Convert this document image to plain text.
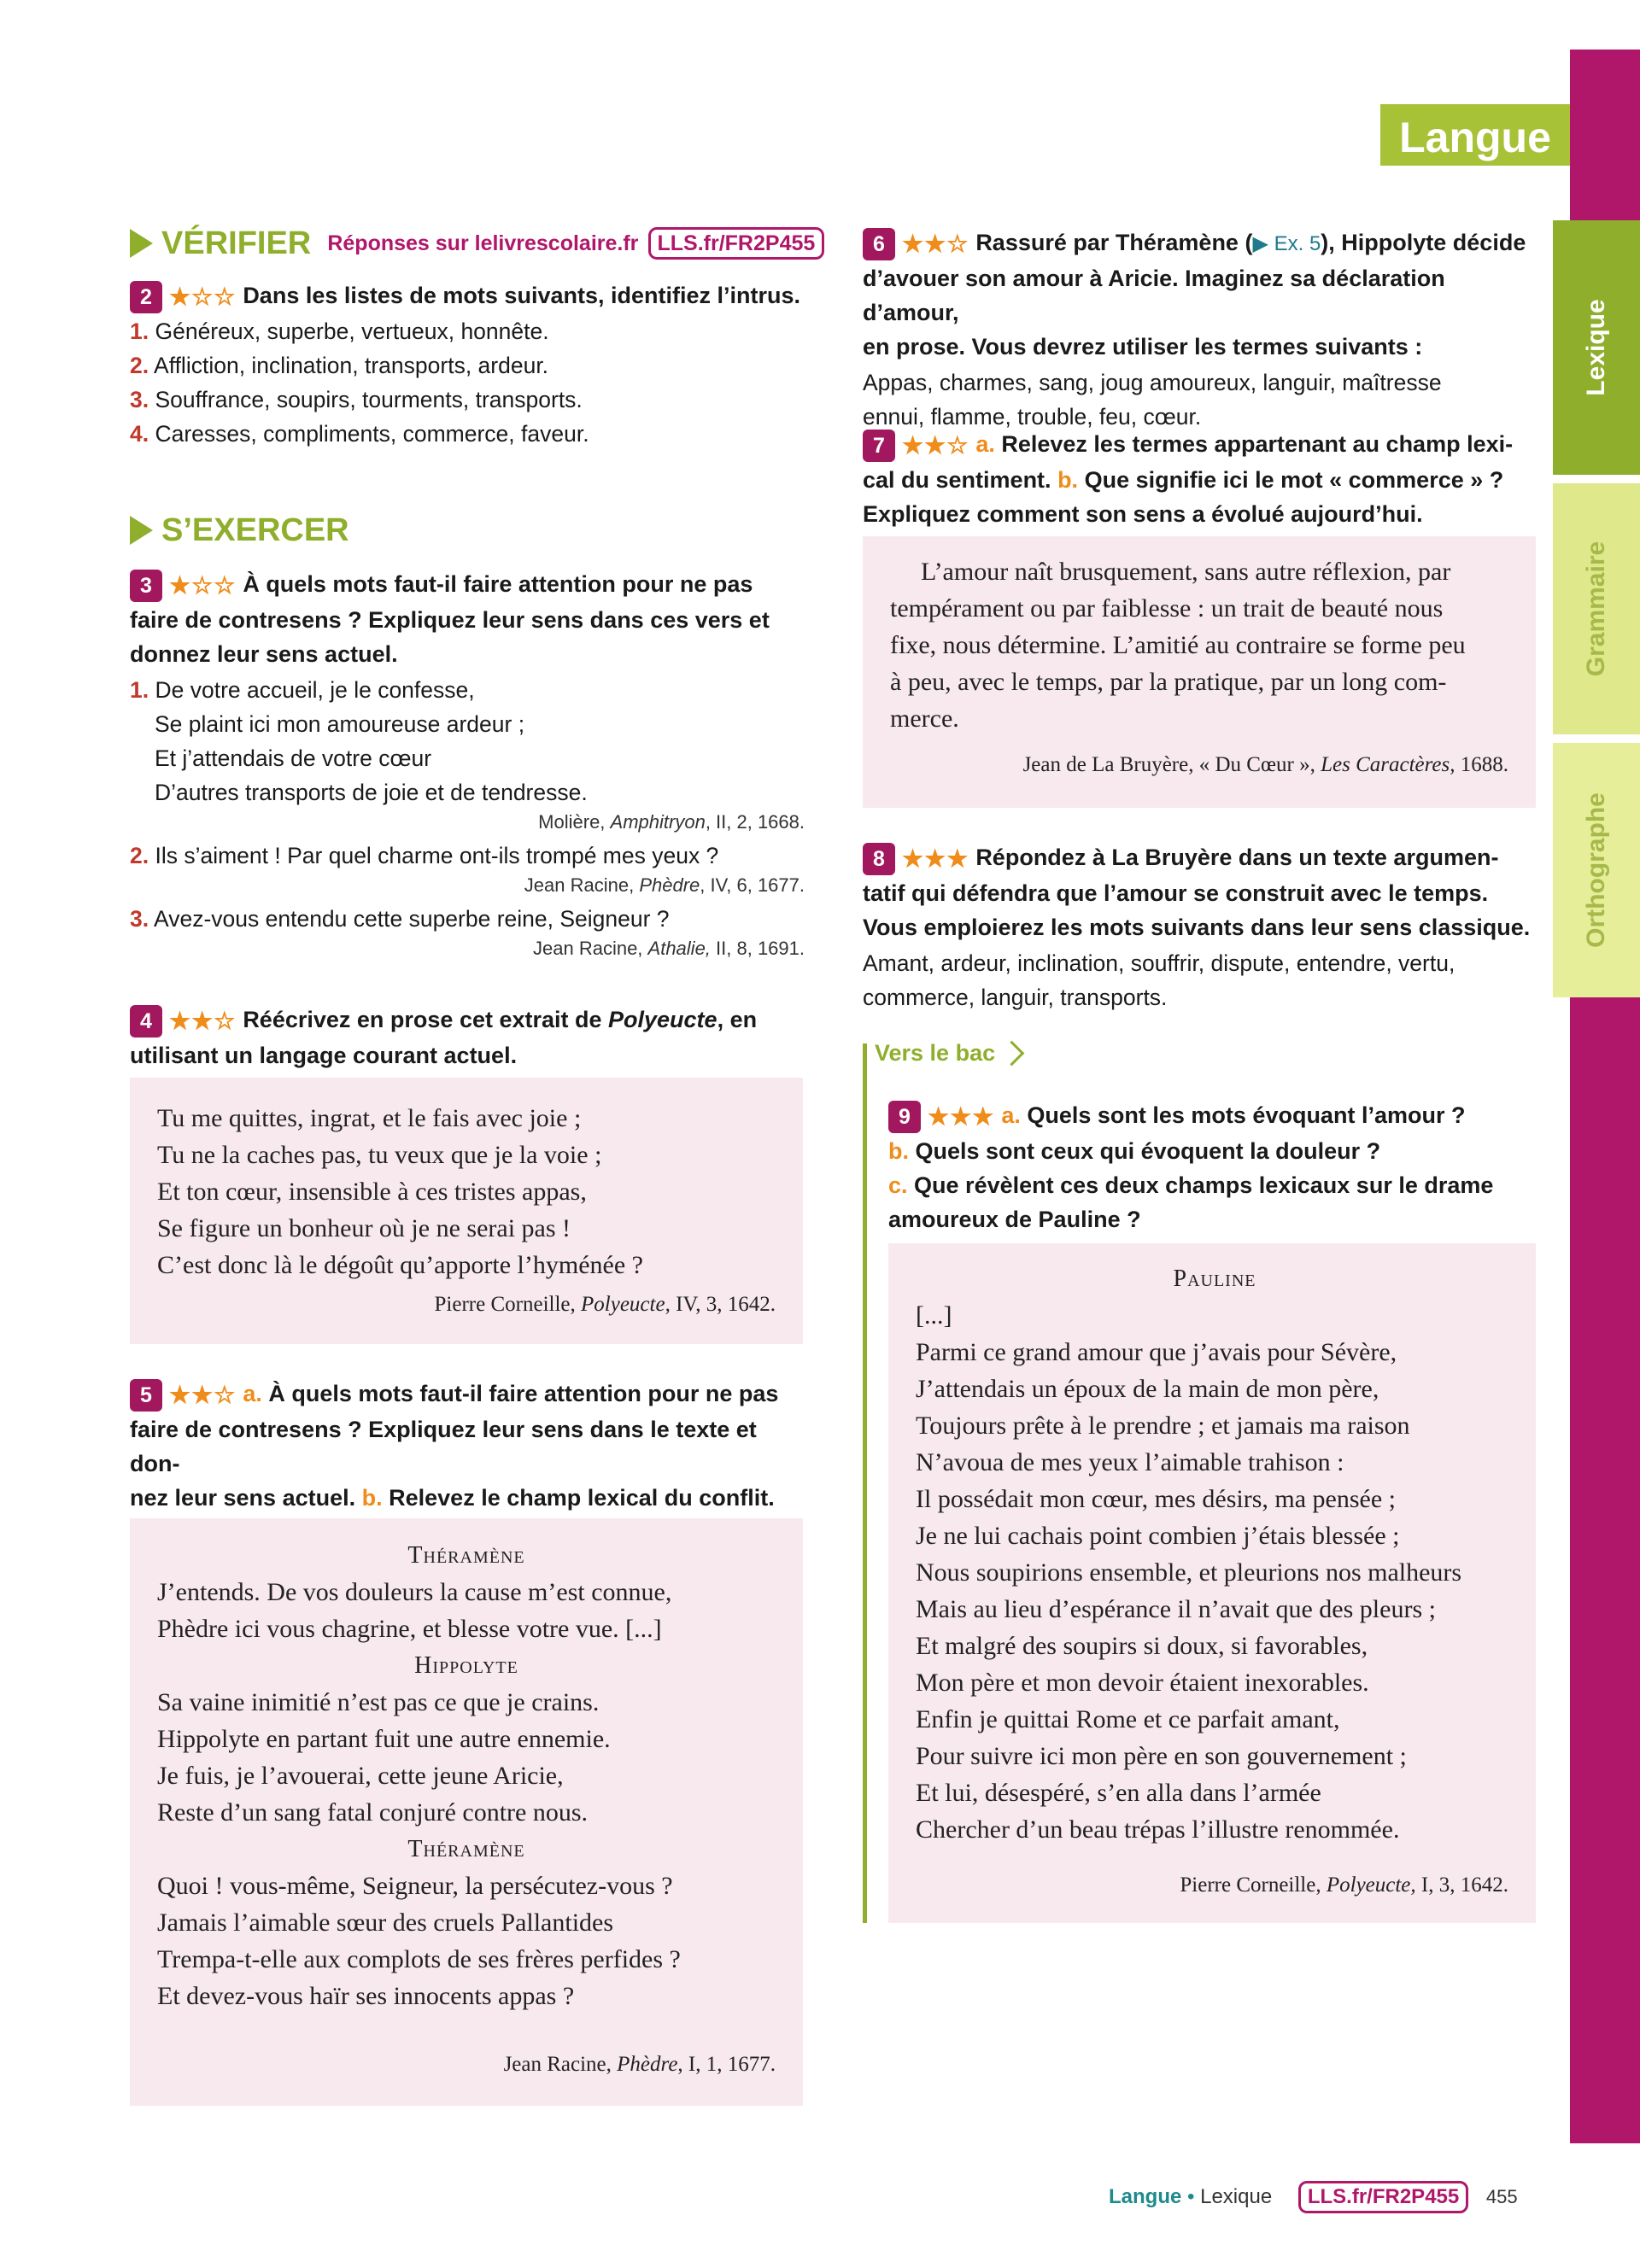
Lexique
Grammaire
Orthographe
Langue
VÉRIFIER Réponses sur lelivrescolaire.fr LLS.fr/FR2P455
2 ★☆☆ Dans les listes de mots suivants, identifiez l’intrus.
1. Généreux, superbe, vertueux, honnête.
2. Affliction, inclination, transports, ardeur.
3. Souffrance, soupirs, tourments, transports.
4. Caresses, compliments, commerce, faveur.
S’EXERCER
3 ★☆☆ À quels mots faut-il faire attention pour ne pas
faire de contresens ? Expliquez leur sens dans ces vers et
donnez leur sens actuel.
1. De votre accueil, je le confesse,
Se plaint ici mon amoureuse ardeur ;
Et j’attendais de votre cœur
D’autres transports de joie et de tendresse.
Molière, Amphitryon, II, 2, 1668.
2. Ils s’aiment ! Par quel charme ont-ils trompé mes yeux ?
Jean Racine, Phèdre, IV, 6, 1677.
3. Avez-vous entendu cette superbe reine, Seigneur ?
Jean Racine, Athalie, II, 8, 1691.
4 ★★☆ Réécrivez en prose cet extrait de Polyeucte, en
utilisant un langage courant actuel.
Tu me quittes, ingrat, et le fais avec joie ;
Tu ne la caches pas, tu veux que je la voie ;
Et ton cœur, insensible à ces tristes appas,
Se figure un bonheur où je ne serai pas !
C’est donc là le dégoût qu’apporte l’hyménée ?
Pierre Corneille, Polyeucte, IV, 3, 1642.
5 ★★☆ a. À quels mots faut-il faire attention pour ne pas
faire de contresens ? Expliquez leur sens dans le texte et don-
nez leur sens actuel. b. Relevez le champ lexical du conflit.

Théramène
J’entends. De vos douleurs la cause m’est connue,
Phèdre ici vous chagrine, et blesse votre vue. [...]
Hippolyte
Sa vaine inimitié n’est pas ce que je crains.
Hippolyte en partant fuit une autre ennemie.
Je fuis, je l’avouerai, cette jeune Aricie,
Reste d’un sang fatal conjuré contre nous.
Théramène
Quoi ! vous-même, Seigneur, la persécutez-vous ?
Jamais l’aimable sœur des cruels Pallantides
Trempa-t-elle aux complots de ses frères perfides ?
Et devez-vous haïr ses innocents appas ?
Jean Racine, Phèdre, I, 1, 1677.
6 ★★☆ Rassuré par Théramène (▶ Ex. 5), Hippolyte décide
d’avouer son amour à Aricie. Imaginez sa déclaration d’amour,
en prose. Vous devrez utiliser les termes suivants :
Appas, charmes, sang, joug amoureux, languir, maîtresse
ennui, flamme, trouble, feu, cœur.
7 ★★☆ a. Relevez les termes appartenant au champ lexi-
cal du sentiment. b. Que signifie ici le mot « commerce » ?
Expliquez comment son sens a évolué aujourd’hui.
L’amour naît brusquement, sans autre réflexion, par
tempérament ou par faiblesse : un trait de beauté nous
fixe, nous détermine. L’amitié au contraire se forme peu
à peu, avec le temps, par la pratique, par un long com-
merce.
Jean de La Bruyère, « Du Cœur », Les Caractères, 1688.
8 ★★★ Répondez à La Bruyère dans un texte argumen-
tatif qui défendra que l’amour se construit avec le temps.
Vous emploierez les mots suivants dans leur sens classique.
Amant, ardeur, inclination, souffrir, dispute, entendre, vertu,
commerce, languir, transports.
Vers le bac
9 ★★★ a. Quels sont les mots évoquant l’amour ?
b. Quels sont ceux qui évoquent la douleur ?
c. Que révèlent ces deux champs lexicaux sur le drame
amoureux de Pauline ?
Pauline
[...]
Parmi ce grand amour que j’avais pour Sévère,
J’attendais un époux de la main de mon père,
Toujours prête à le prendre ; et jamais ma raison
N’avoua de mes yeux l’aimable trahison :
Il possédait mon cœur, mes désirs, ma pensée ;
Je ne lui cachais point combien j’étais blessée ;
Nous soupirions ensemble, et pleurions nos malheurs
Mais au lieu d’espérance il n’avait que des pleurs ;
Et malgré des soupirs si doux, si favorables,
Mon père et mon devoir étaient inexorables.
Enfin je quittai Rome et ce parfait amant,
Pour suivre ici mon père en son gouvernement ;
Et lui, désespéré, s’en alla dans l’armée
Chercher d’un beau trépas l’illustre renommée.
Pierre Corneille, Polyeucte, I, 3, 1642.
Langue • Lexique LLS.fr/FR2P455 455
